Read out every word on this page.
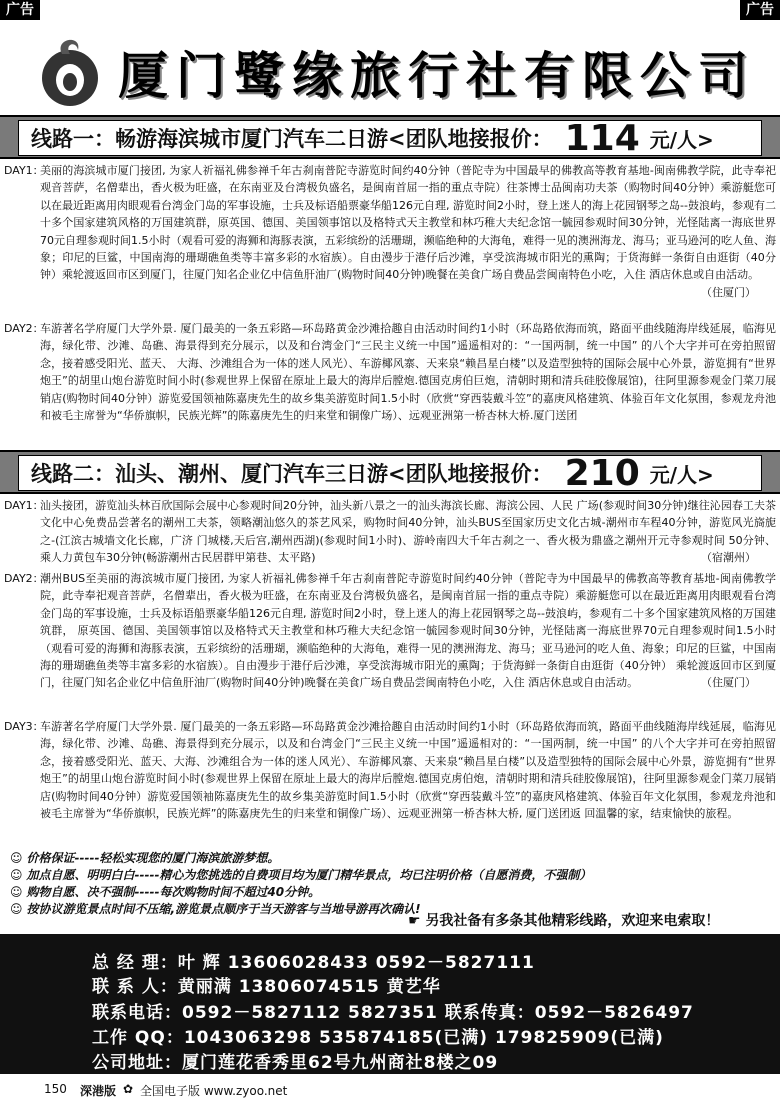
广告	广告
厦门鹭缘旅行社有限公司
线路一：畅游海滨城市厦门汽车二日游<团队地接报价： 114 元/人>
DAY1：
美丽的海滨城市厦门接团, 为家人祈福礼佛参禅千年古刹南普陀寺游览时间约40分钟（普陀寺为中国最早的佛教高等教育基地-闽南佛教学院，此寺奉祀观音菩萨，名僧辈出，香火极为旺盛，在东南亚及台湾极负盛名，是闽南首屈一指的重点寺院）往茶博士品闽南功夫茶（购物时间40分钟）乘游艇您可以在最近距离用肉眼观看台湾金门岛的军事设施，士兵及标语船票豪华船126元自理, 游览时间2小时，登上迷人的海上花园钢琴之岛--鼓浪屿，参观有二十多个国家建筑风格的万国建筑群，原英国、德国、美国领事馆以及格特式天主教堂和林巧稚大夫纪念馆一毓园参观时间30分钟，光怪陆离一海底世界70元自理参观时间1.5小时（观看可爱的海狮和海豚表演，五彩缤纷的活珊瑚，濒临绝种的大海龟，难得一见的澳洲海龙、海马；亚马逊河的吃人鱼、海象；印尼的巨鲨，中国南海的珊瑚礁鱼类等丰富多彩的水宿族）。自由漫步于港仔后沙滩，享受滨海城市阳光的熏陶；于货海鲜一条街自由逛街（40分钟）乘轮渡返回市区到厦门，往厦门知名企业亿中信鱼肝油厂(购物时间40分钟)晚餐在美食广场自费品尝闽南特色小吃，入住 酒店休息或自由活动。
（住厦门）
DAY2：
车游著名学府厦门大学外景. 厦门最美的一条五彩路—环岛路黄金沙滩拾趣自由活动时间约1小时（环岛路依海而筑，路面平曲线随海岸线延展，临海见海，绿化带、沙滩、岛礁、海景得到充分展示，以及和台湾金门“三民主义统一中国”遥遥相对的：“一国两制，统一中国” 的八个大字并可在旁拍照留念，接着感受阳光、蓝天、 大海、沙滩组合为一体的迷人风光）、车游椰风寨、天来泉“赖昌星白楼”以及造型独特的国际会展中心外景，游览拥有“世界炮王”的胡里山炮台游览时间小时(参观世界上保留在原址上最大的海岸后膛炮.德国克虏伯巨炮，清朝时期和清兵硅胶像展馆)，往阿里源参观金门菜刀展销店(购物时间40分钟）游览爱国领袖陈嘉庚先生的故乡集美游览时间1.5小时（欣赏“穿西装戴斗笠”的嘉庚风格建筑、体验百年文化氛围，参观龙舟池和被毛主席誉为“华侨旗帜，民族光辉”的陈嘉庚先生的归来堂和铜像广场）、远观亚洲第一桥杏林大桥.厦门送团
线路二：汕头、潮州、厦门汽车三日游<团队地接报价： 210 元/人>
DAY1：
汕头接团，游览汕头林百欣国际会展中心参观时间20分钟，汕头新八景之一的汕头海滨长廊、海滨公园、人民 广场(参观时间30分钟)继往沁园春工夫茶文化中心免费品尝著名的潮州工夫茶，领略潮汕悠久的茶艺风采，购物时间40分钟，汕头BUS至国家历史文化古城-潮州市车程40分钟，游览风光旖旎之-(江滨古城墙文化长廊，广济 门城楼,天后宫,潮州西湖)(参观时间1小时)、游岭南四大千年古刹之一、香火极为鼎盛之潮州开元寺参观时间 50分钟、乘人力黄包车30分钟(畅游潮州古民居群甲第巷、太平路)	（宿潮州）
DAY2：
潮州BUS至美丽的海滨城市厦门接团, 为家人祈福礼佛参禅千年古刹南普陀寺游览时间约40分钟（普陀寺为中国最早的佛教高等教育基地-闽南佛教学院，此寺奉祀观音菩萨，名僧辈出，香火极为旺盛，在东南亚及台湾极负盛名，是闽南首屈一指的重点寺院）乘游艇您可以在最近距离用肉眼观看台湾金门岛的军事设施，士兵及标语船票豪华船126元自理, 游览时间2小时，登上迷人的海上花园钢琴之岛--鼓浪屿，参观有二十多个国家建筑风格的万国建筑群， 原英国、德国、美国领事馆以及格特式天主教堂和林巧稚大夫纪念馆一毓园参观时间30分钟，光怪陆离一海底世界70元自理参观时间1.5小时（观看可爱的海狮和海豚表演，五彩缤纷的活珊瑚，濒临绝种的大海龟，难得一见的澳洲海龙、海马；亚马逊河的吃人鱼、海象；印尼的巨鲨，中国南海的珊瑚礁鱼类等丰富多彩的水宿族）。自由漫步于港仔后沙滩，享受滨海城市阳光的熏陶；于货海鲜一条街自由逛街（40分钟） 乘轮渡返回市区到厦门，往厦门知名企业亿中信鱼肝油厂(购物时间40分钟)晚餐在美食广场自费品尝闽南特色小吃，入住 酒店休息或自由活动。	（住厦门）
DAY3：
车游著名学府厦门大学外景. 厦门最美的一条五彩路—环岛路黄金沙滩拾趣自由活动时间约1小时（环岛路依海而筑，路面平曲线随海岸线延展，临海见海，绿化带、沙滩、岛礁、海景得到充分展示，以及和台湾金门“三民主义统一中国”遥遥相对的：“一国两制，统一中国” 的八个大字并可在旁拍照留念，接着感受阳光、蓝天、大海、沙滩组合为一体的迷人风光）、车游椰风寨、天来泉“赖昌星白楼”以及造型独特的国际会展中心外景，游览拥有“世界炮王”的胡里山炮台游览时间小时(参观世界上保留在原址上最大的海岸后膛炮.德国克虏伯炮，清朝时期和清兵硅胶像展馆)，往阿里源参观金门菜刀展销店(购物时间40分钟）游览爱国领袖陈嘉庚先生的故乡集美游览时间1.5小时（欣赏“穿西装戴斗笠”的嘉庚风格建筑、体验百年文化氛围，参观龙舟池和被毛主席誉为“华侨旗帜，民族光辉”的陈嘉庚先生的归来堂和铜像广场）、远观亚洲第一桥杏林大桥, 厦门送团返 回温馨的家，结束愉快的旅程。
☺ 价格保证-----轻松实现您的厦门海滨旅游梦想。
☺ 加点自愿、明明白白-----精心为您挑选的自费项目均为厦门精华景点，均已注明价格（自愿消费，不强制）
☺ 购物自愿、决不强制-----每次购物时间不超过40分钟。
☺ 按协议游览景点时间不压缩,游览景点顺序于当天游客与当地导游再次确认!
☛ 另我社备有多条其他精彩线路，欢迎来电索取！
总 经 理：叶 辉 13606028433 0592－5827111
联 系 人：黄丽满 13806074515 黄艺华
联系电话：0592－5827112 5827351 联系传真：0592－5826497
工作 QQ：1043063298 535874185(已满) 179825909(已满)
公司地址：厦门莲花香秀里62号九州商社8楼之09
150 深港版 ✿ 全国电子版 www.zyoo.net
